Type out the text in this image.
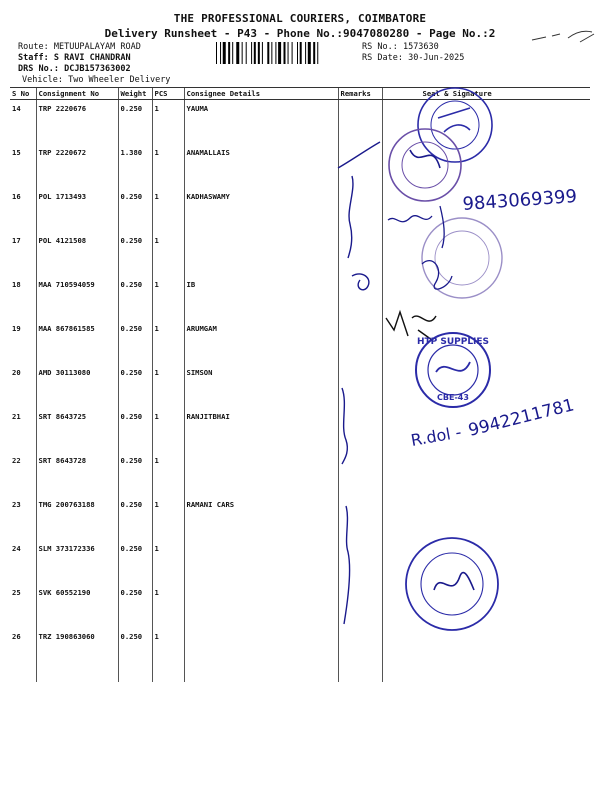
THE PROFESSIONAL COURIERS, COIMBATORE
Delivery Runsheet - P43 - Phone No.:9047080280 - Page No.:2
Route: METUUPALAYAM ROAD
Staff: S RAVI CHANDRAN
DRS No.: DCJB157363002
Vehicle: Two Wheeler Delivery
RS No.: 1573630
RS Date: 30-Jun-2025
S No	Consignment No	Weight	PCS	Consignee Details	Remarks	Seal & Signature
14	TRP 2220676	0.250	1	YAUMA		
15	TRP 2220672	1.380	1	ANAMALLAIS		
16	POL 1713493	0.250	1	KADHASWAMY		
17	POL 4121508	0.250	1			
18	MAA 710594059	0.250	1	IB		
19	MAA 867861585	0.250	1	ARUMGAM		
20	AMD 30113080	0.250	1	SIMSON		
21	SRT 8643725	0.250	1	RANJITBHAI		
22	SRT 8643728	0.250	1			
23	TMG 200763188	0.250	1	RAMANI CARS		
24	SLM 373172336	0.250	1			
25	SVK 60552190	0.250	1			
26	TRZ 190863060	0.250	1			
9843069399
HTP SUPPLIES
CBE-43
R.dol - 9942211781
